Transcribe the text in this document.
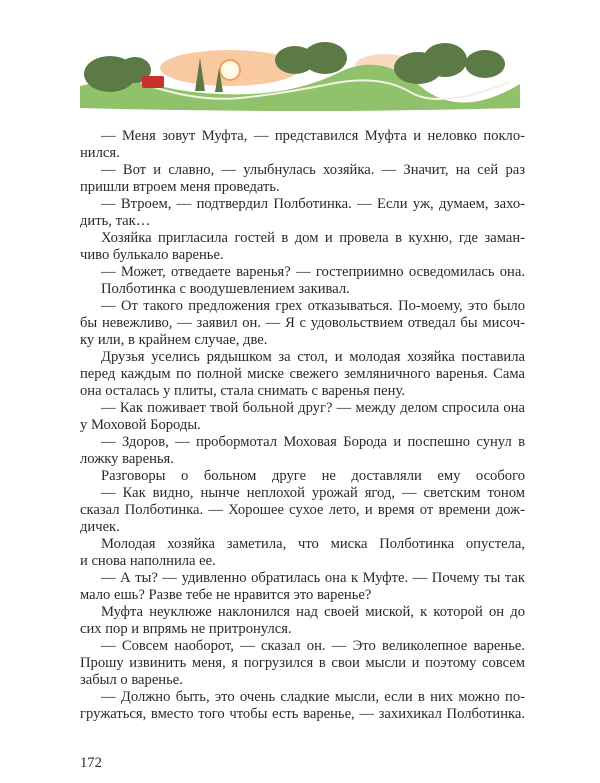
— Меня зовут Муфта, — представился Муфта и неловко покло-
нился.
— Вот и славно, — улыбнулась хозяйка. — Значит, на сей раз
пришли втроем меня проведать.
— Втроем, — подтвердил Полботинка. — Если уж, думаем, захо-
дить, так…
Хозяйка пригласила гостей в дом и провела в кухню, где заман-
чиво булькало варенье.
— Может, отведаете варенья? — гостеприимно осведомилась она.
Полботинка с воодушевлением закивал.
— От такого предложения грех отказываться. По-моему, это было
бы невежливо, — заявил он. — Я с удовольствием отведал бы мисоч-
ку или, в крайнем случае, две.
Друзья уселись рядышком за стол, и молодая хозяйка поставила
перед каждым по полной миске свежего земляничного варенья. Сама
она осталась у плиты, стала снимать с варенья пену.
— Как поживает твой больной друг? — между делом спросила она
у Моховой Бороды.
— Здоров, — пробормотал Моховая Борода и поспешно сунул в
ложку варенья.
Разговоры о больном друге не доставляли ему особого
— Как видно, нынче неплохой урожай ягод, — светским тоном
сказал Полботинка. — Хорошее сухое лето, и время от времени дож-
дичек.
Молодая хозяйка заметила, что миска Полботинка опустела,
и снова наполнила ее.
— А ты? — удивленно обратилась она к Муфте. — Почему ты так
мало ешь? Разве тебе не нравится это варенье?
Муфта неуклюже наклонился над своей миской, к которой он до
сих пор и впрямь не притронулся.
— Совсем наоборот, — сказал он. — Это великолепное варенье.
Прошу извинить меня, я погрузился в свои мысли и поэтому совсем
забыл о варенье.
— Должно быть, это очень сладкие мысли, если в них можно по-
гружаться, вместо того чтобы есть варенье, — захихикал Полботинка.
172
